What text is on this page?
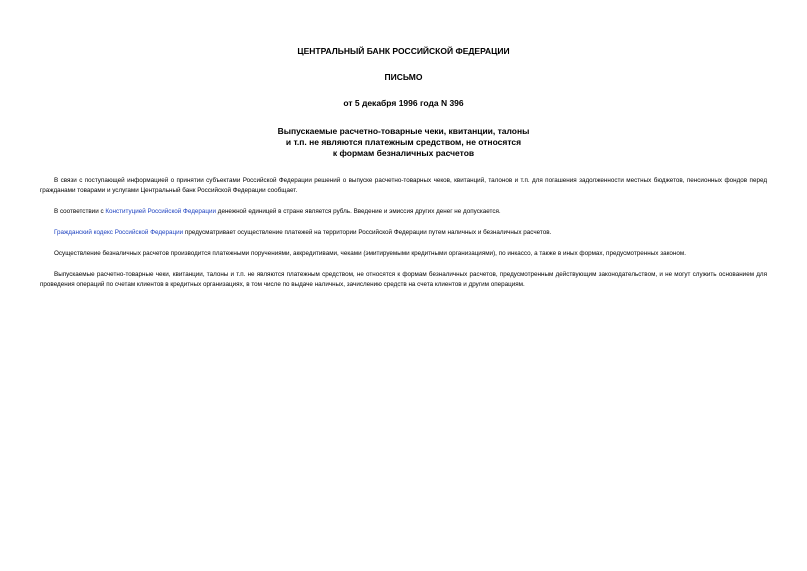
ЦЕНТРАЛЬНЫЙ БАНК РОССИЙСКОЙ ФЕДЕРАЦИИ

ПИСЬМО

от 5 декабря 1996 года N 396

Выпускаемые расчетно-товарные чеки, квитанции, талоны
и т.п. не являются платежным средством, не относятся
к формам безналичных расчетов

В связи с поступающей информацией о принятии субъектами Российской Федерации решений о выпуске расчетно-товарных чеков, квитанций, талонов и т.п. для погашения задолженности местных бюджетов, пенсионных фондов перед гражданами товарами и услугами Центральный банк Российской Федерации сообщает.

В соответствии с Конституцией Российской Федерации денежной единицей в стране является рубль. Введение и эмиссия других денег не допускается.

Гражданский кодекс Российской Федерации предусматривает осуществление платежей на территории Российской Федерации путем наличных и безналичных расчетов.

Осуществление безналичных расчетов производится платежными поручениями, аккредитивами, чеками (эмитируемыми кредитными организациями), по инкассо, а также в иных формах, предусмотренных законом.

Выпускаемые расчетно-товарные чеки, квитанции, талоны и т.п. не являются платежным средством, не относятся к формам безналичных расчетов, предусмотренным действующим законодательством, и не могут служить основанием для проведения операций по счетам клиентов в кредитных организациях, в том числе по выдаче наличных, зачислению средств на счета клиентов и другим операциям.
